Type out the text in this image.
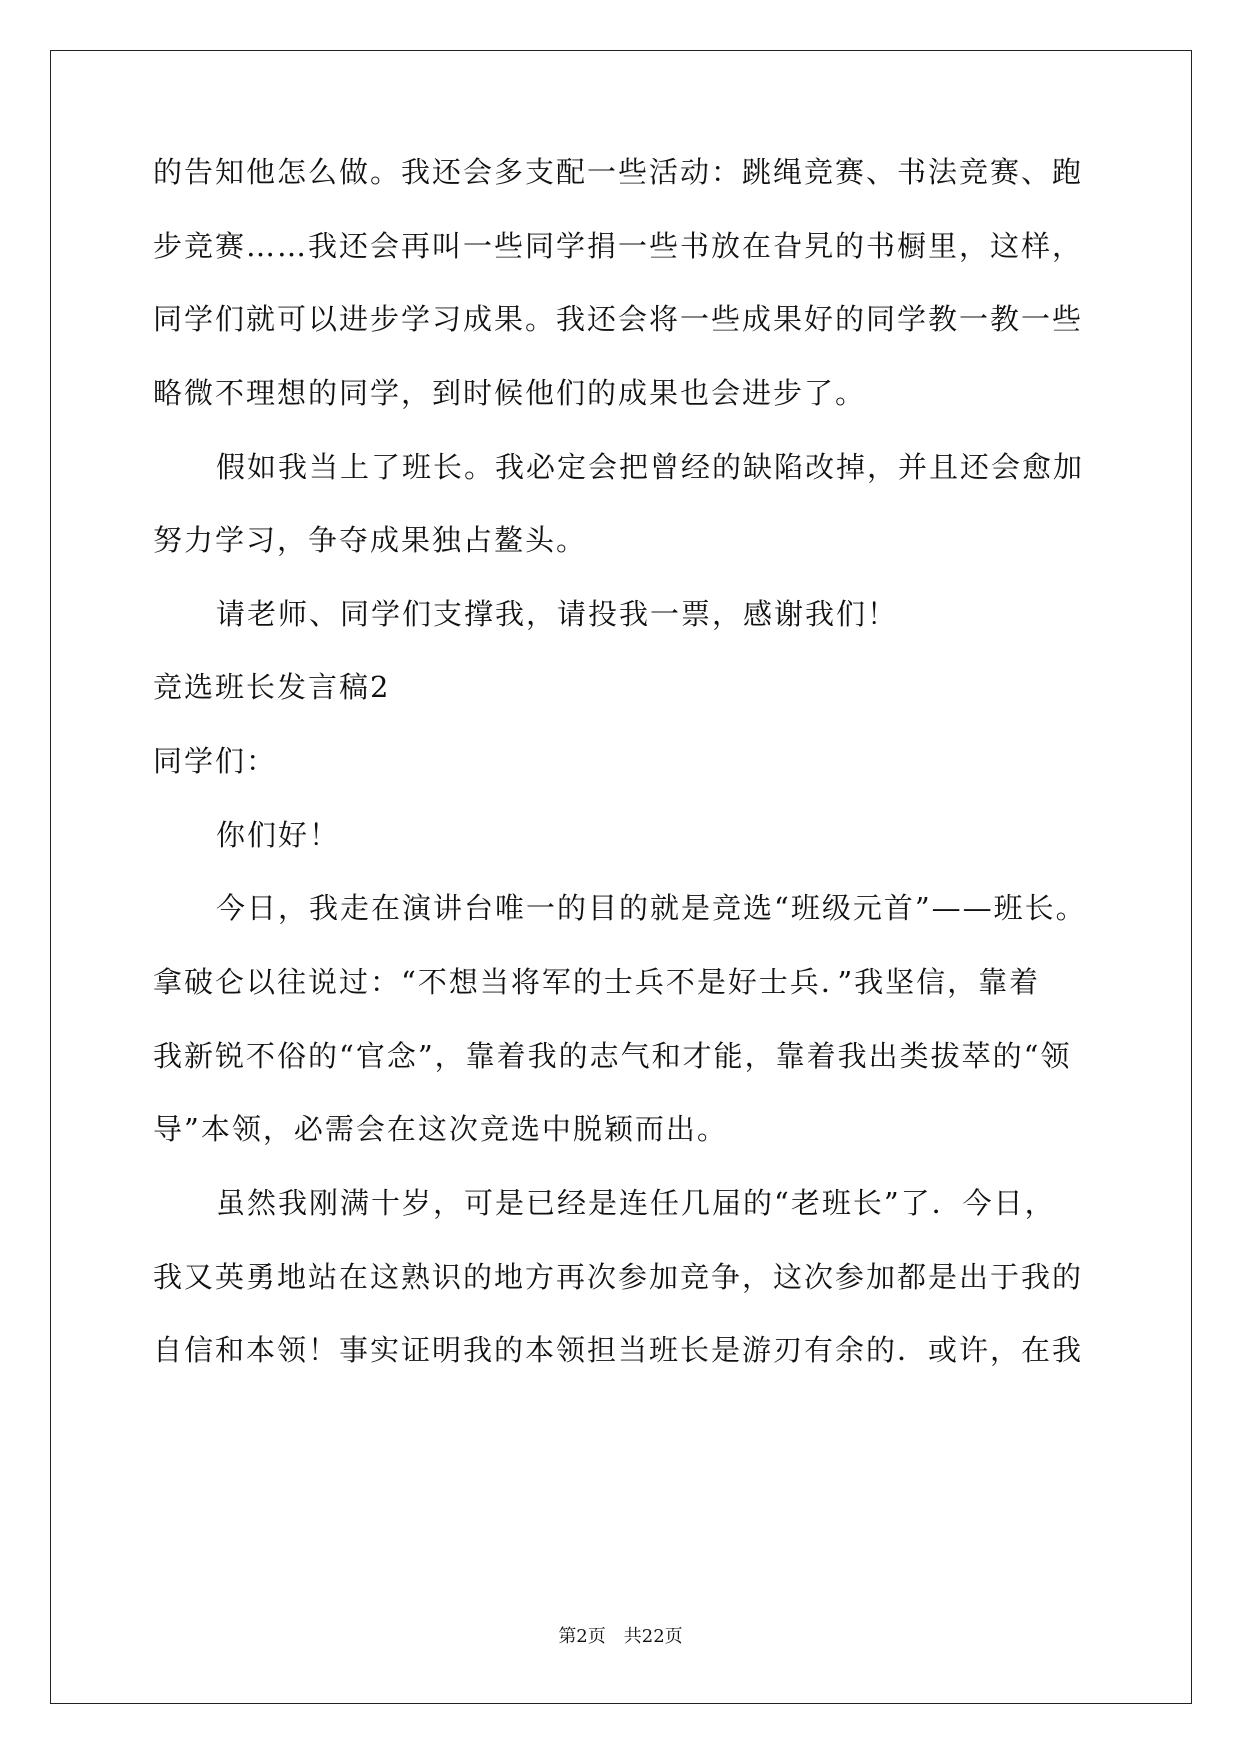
的告知他怎么做。我还会多支配一些活动：跳绳竞赛、书法竞赛、跑
步竞赛……我还会再叫一些同学捐一些书放在旮旯的书橱里，这样，
同学们就可以进步学习成果。我还会将一些成果好的同学教一教一些
略微不理想的同学，到时候他们的成果也会进步了。
假如我当上了班长。我必定会把曾经的缺陷改掉，并且还会愈加
努力学习，争夺成果独占鳌头。
请老师、同学们支撑我，请投我一票，感谢我们！
竞选班长发言稿2
同学们：
你们好！
今日，我走在演讲台唯一的目的就是竞选“班级元首”——班长。
拿破仑以往说过：“不想当将军的士兵不是好士兵．”我坚信，靠着
我新锐不俗的“官念”，靠着我的志气和才能，靠着我出类拔萃的“领
导”本领，必需会在这次竞选中脱颖而出。
虽然我刚满十岁，可是已经是连任几届的“老班长”了．今日，
我又英勇地站在这熟识的地方再次参加竞争，这次参加都是出于我的
自信和本领！事实证明我的本领担当班长是游刃有余的．或许，在我
第2页 共22页
